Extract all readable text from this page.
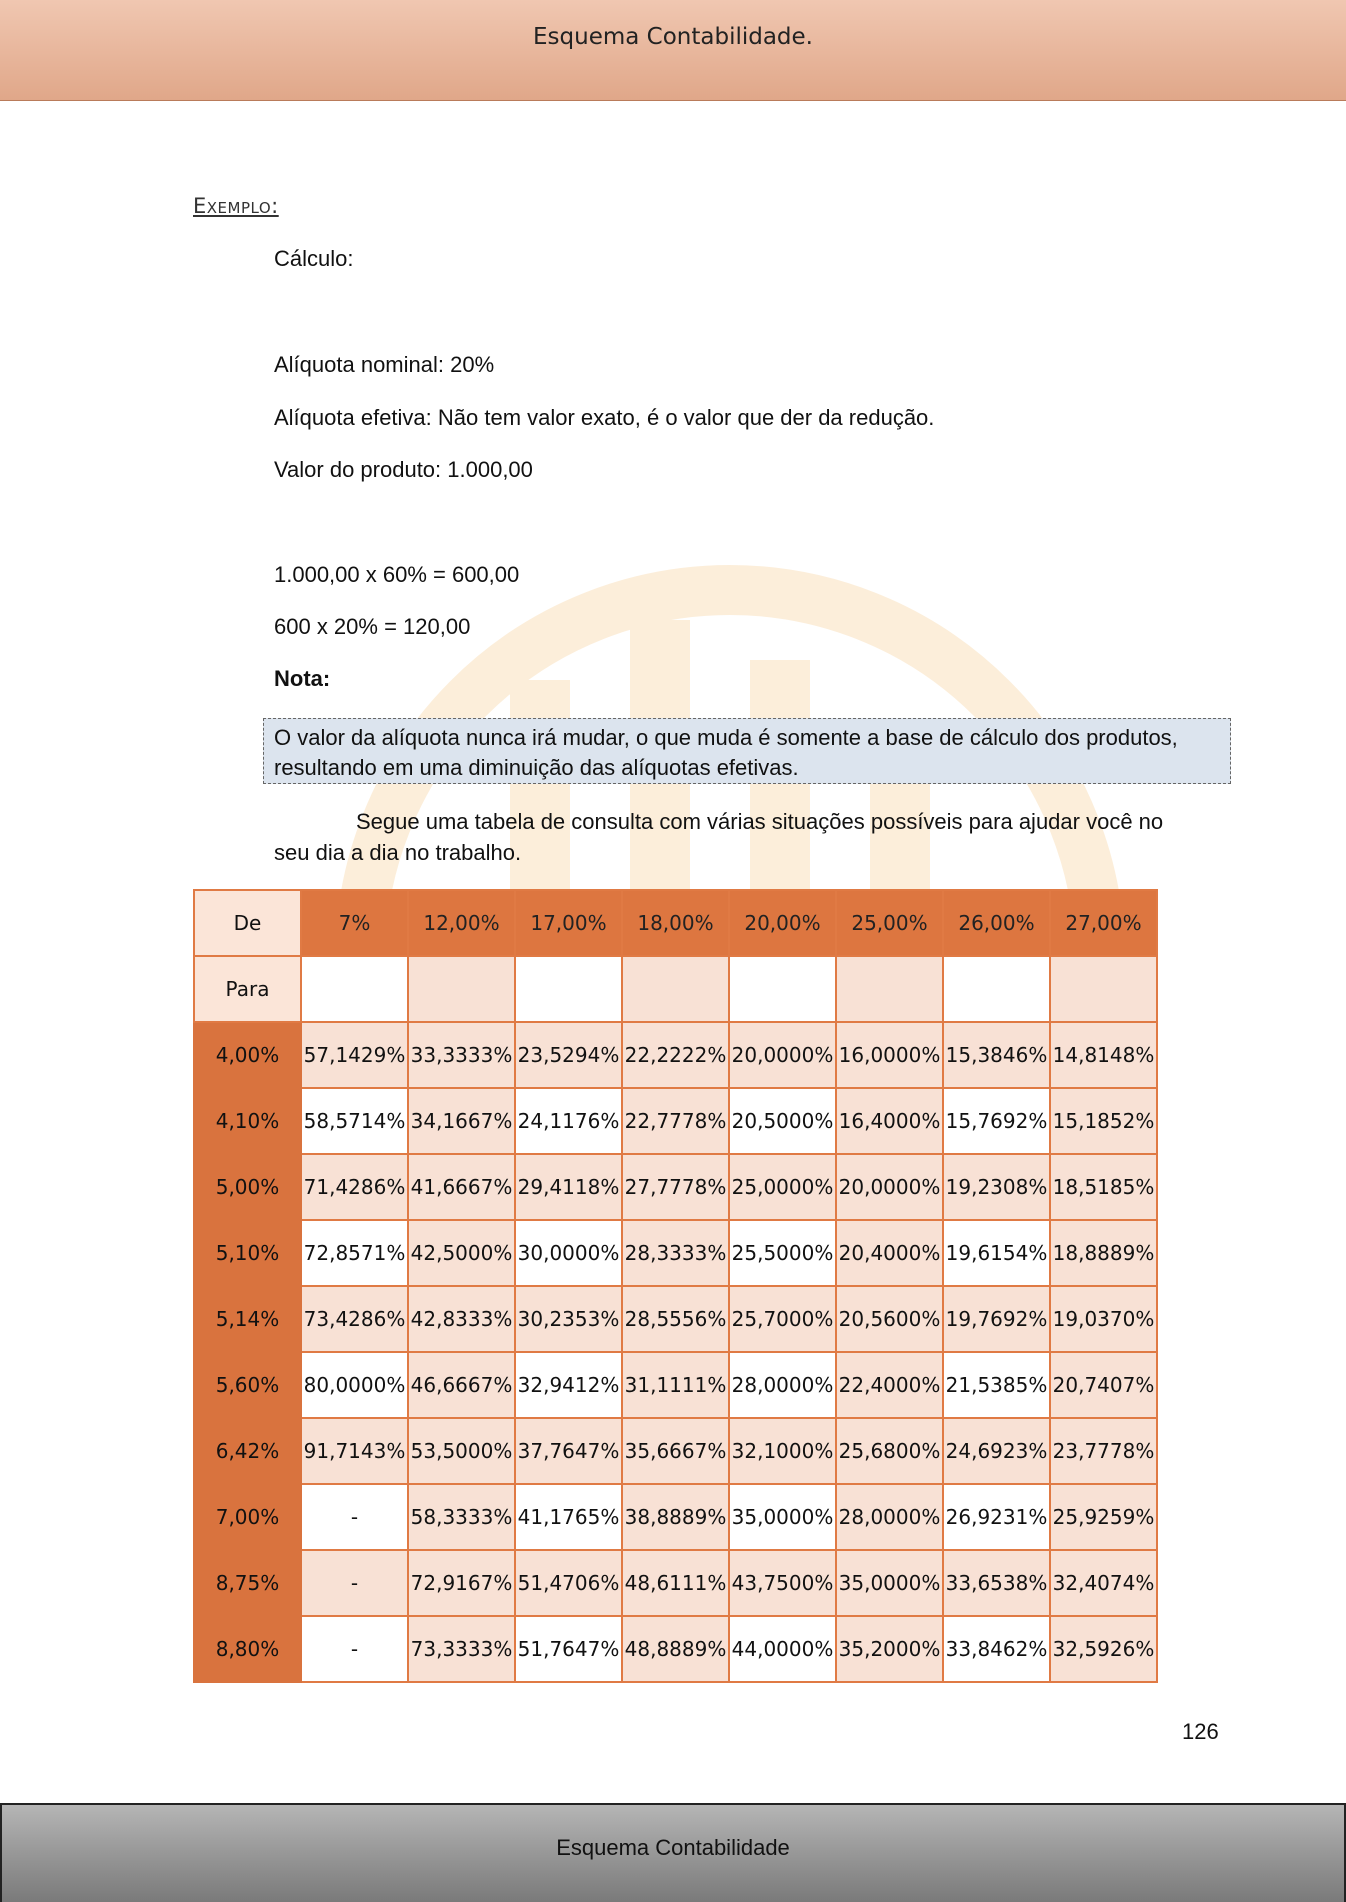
Esquema Contabilidade.
Exemplo:
Cálculo:
Alíquota nominal: 20%
Alíquota efetiva: Não tem valor exato, é o valor que der da redução.
Valor do produto: 1.000,00
1.000,00 x 60% = 600,00
600 x 20% = 120,00
Nota:
O valor da alíquota nunca irá mudar, o que muda é somente a base de cálculo dos produtos, resultando em uma diminuição das alíquotas efetivas.
Segue uma tabela de consulta com várias situações possíveis para ajudar você no seu dia a dia no trabalho.
De	7%	12,00%	17,00%	18,00%	20,00%	25,00%	26,00%	27,00%
Para								
4,00%	57,1429%	33,3333%	23,5294%	22,2222%	20,0000%	16,0000%	15,3846%	14,8148%
4,10%	58,5714%	34,1667%	24,1176%	22,7778%	20,5000%	16,4000%	15,7692%	15,1852%
5,00%	71,4286%	41,6667%	29,4118%	27,7778%	25,0000%	20,0000%	19,2308%	18,5185%
5,10%	72,8571%	42,5000%	30,0000%	28,3333%	25,5000%	20,4000%	19,6154%	18,8889%
5,14%	73,4286%	42,8333%	30,2353%	28,5556%	25,7000%	20,5600%	19,7692%	19,0370%
5,60%	80,0000%	46,6667%	32,9412%	31,1111%	28,0000%	22,4000%	21,5385%	20,7407%
6,42%	91,7143%	53,5000%	37,7647%	35,6667%	32,1000%	25,6800%	24,6923%	23,7778%
7,00%	-	58,3333%	41,1765%	38,8889%	35,0000%	28,0000%	26,9231%	25,9259%
8,75%	-	72,9167%	51,4706%	48,6111%	43,7500%	35,0000%	33,6538%	32,4074%
8,80%	-	73,3333%	51,7647%	48,8889%	44,0000%	35,2000%	33,8462%	32,5926%
126
Esquema Contabilidade
